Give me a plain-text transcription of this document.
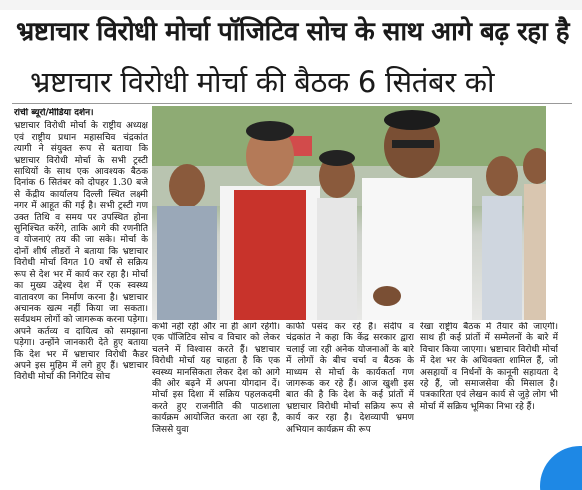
भ्रष्टाचार विरोधी मोर्चा पॉजिटिव सोच के साथ आगे बढ़ रहा है
भ्रष्टाचार विरोधी मोर्चा की बैठक 6 सितंबर को
रांची ब्यूरो/मीडिया दर्शन।
भ्रष्टाचार विरोधी मोर्चा के राष्ट्रीय अध्यक्ष एवं राष्ट्रीय प्रधान महासचिव चंद्रकांत त्यागी ने संयुक्त रूप से बताया कि भ्रष्टाचार विरोधी मोर्चा के सभी ट्रस्टी साथियों के साथ एक आवश्यक बैठक दिनांक 6 सितंबर को दोपहर 1.30 बजे से केंद्रीय कार्यालय दिल्ली स्थित लक्ष्मी नगर में आहूत की गई है। सभी ट्रस्टी गण उक्त तिथि व समय पर उपस्थित होना सुनिश्चित करेंगे, ताकि आगे की रणनीति व योजनाएं तय की जा सके। मोर्चा के दोनों शीर्ष लीडरों ने बताया कि भ्रष्टाचार विरोधी मोर्चा विगत 10 वर्षों से सक्रिय रूप से देश भर में कार्य कर रहा है। मोर्चा का मुख्य उद्देश्य देश में एक स्वस्थ्य वातावरण का निर्माण करना है। भ्रष्टाचार अचानक खत्म नहीं किया जा सकता। सर्वप्रथम लोगों को जागरूक करना पड़ेगा। अपने कर्तव्य व दायित्व को समझाना पड़ेगा। उन्होंने जानकारी देते हुए बताया कि देश भर में भ्रष्टाचार विरोधी कैडर अपने इस मुहिम में लगे हुए हैं। भ्रष्टाचार विरोधी मोर्चा की निगेटिव सोच
कभी नहीं रही और ना ही आगे रहेगी। एक पॉजिटिव सोच व विचार को लेकर चलने में विश्वास करते हैं। भ्रष्टाचार विरोधी मोर्चा यह चाहता है कि एक स्वस्थ्य मानसिकता लेकर देश को आगे की ओर बढ़ने में अपना योगदान दें। मोर्चा इस दिशा में सक्रिय पहलकदमी करते हुए राजनीति की पाठशाला कार्यक्रम आयोजित करता आ रहा है, जिससे युवा
काफी पसंद कर रहे हैं। संदीप व चंद्रकांत ने कहा कि केंद्र सरकार द्वारा चलाई जा रही अनेक योजनाओं के बारे में लोगों के बीच चर्चा व बैठक के माध्यम से मोर्चा के कार्यकर्ता गण जागरूक कर रहे हैं। आज खुशी इस बात की है कि देश के कई प्रांतों में भ्रष्टाचार विरोधी मोर्चा सक्रिय रूप से कार्य कर रहा है। देशव्यापी भ्रमण अभियान कार्यक्रम की रूप
रेखा राष्ट्रीय बैठक में तैयार की जाएगी। साथ ही कई प्रांतों में सम्मेलनों के बारे में विचार किया जाएगा। भ्रष्टाचार विरोधी मोर्चा में देश भर के अधिवक्ता शामिल हैं, जो असहायों व निर्धनों के कानूनी सहायता दे रहे हैं, जो समाजसेवा की मिसाल है। पत्रकारिता एवं लेखन कार्य से जुड़े लोग भी मोर्चा में सक्रिय भूमिका निभा रहे हैं।
